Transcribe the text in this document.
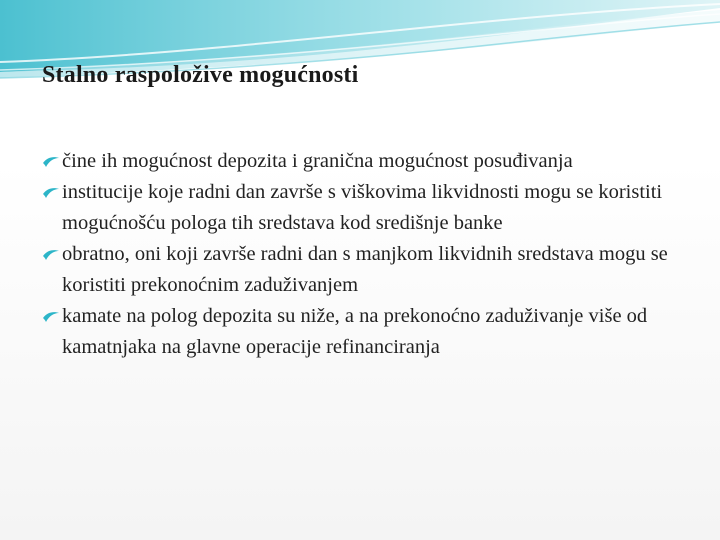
Stalno raspoložive mogućnosti
čine ih mogućnost depozita i granična mogućnost posuđivanja
institucije koje radni dan završe s viškovima likvidnosti mogu se koristiti mogućnošću pologa tih sredstava kod središnje banke
obratno, oni koji završe radni dan s manjkom likvidnih sredstava mogu se koristiti prekonoćnim zaduživanjem
kamate na polog depozita su niže, a na prekonoćno zaduživanje više od kamatnjaka na glavne operacije refinanciranja
